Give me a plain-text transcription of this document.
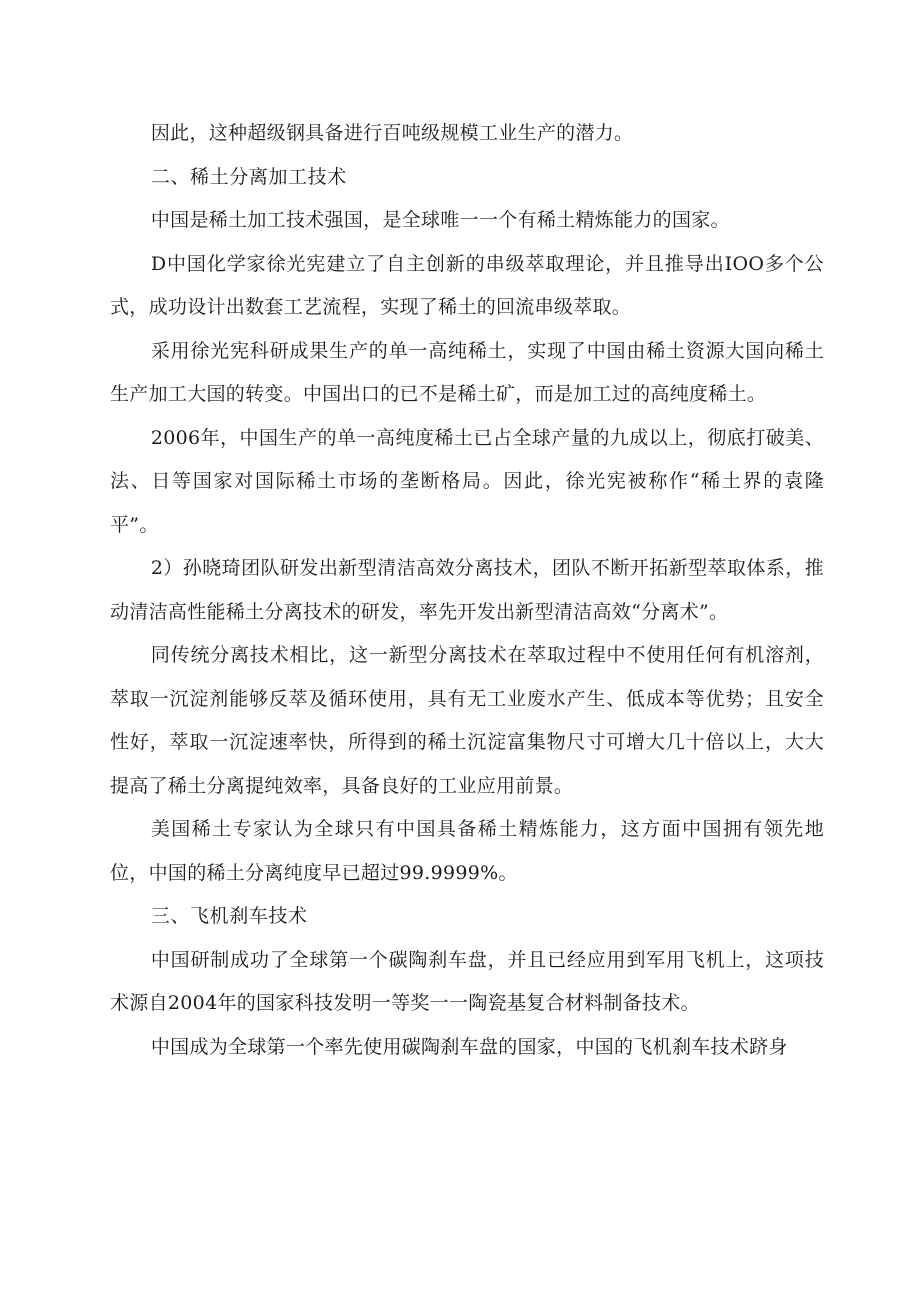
因此，这种超级钢具备进行百吨级规模工业生产的潜力。

二、稀土分离加工技术

中国是稀土加工技术强国，是全球唯一一个有稀土精炼能力的国家。

D中国化学家徐光宪建立了自主创新的串级萃取理论，并且推导出IOO多个公式，成功设计出数套工艺流程，实现了稀土的回流串级萃取。

采用徐光宪科研成果生产的单一高纯稀土，实现了中国由稀土资源大国向稀土生产加工大国的转变。中国出口的已不是稀土矿，而是加工过的高纯度稀土。

2006年，中国生产的单一高纯度稀土已占全球产量的九成以上，彻底打破美、法、日等国家对国际稀土市场的垄断格局。因此，徐光宪被称作“稀土界的袁隆平”。

2）孙晓琦团队研发出新型清洁高效分离技术，团队不断开拓新型萃取体系，推动清洁高性能稀土分离技术的研发，率先开发出新型清洁高效“分离术”。

同传统分离技术相比，这一新型分离技术在萃取过程中不使用任何有机溶剂，萃取一沉淀剂能够反萃及循环使用，具有无工业废水产生、低成本等优势；且安全性好，萃取一沉淀速率快，所得到的稀土沉淀富集物尺寸可增大几十倍以上，大大提高了稀土分离提纯效率，具备良好的工业应用前景。

美国稀土专家认为全球只有中国具备稀土精炼能力，这方面中国拥有领先地位，中国的稀土分离纯度早已超过99.9999%。

三、飞机刹车技术

中国研制成功了全球第一个碳陶刹车盘，并且已经应用到军用飞机上，这项技术源自2004年的国家科技发明一等奖一一陶瓷基复合材料制备技术。

中国成为全球第一个率先使用碳陶刹车盘的国家，中国的飞机刹车技术跻身
